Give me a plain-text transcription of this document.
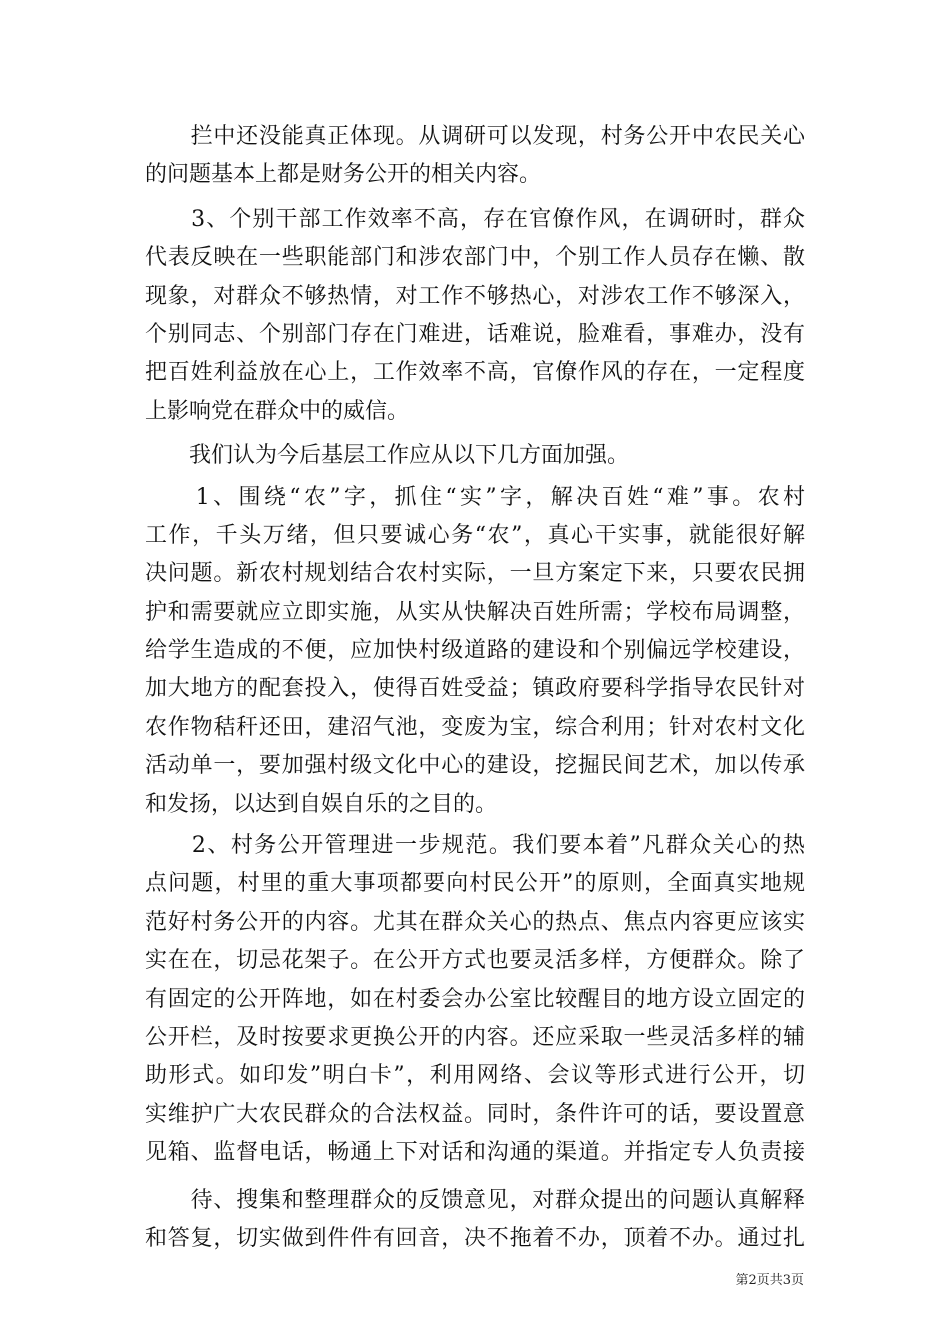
　　拦中还没能真正体现。从调研可以发现，村务公开中农民关心
的问题基本上都是财务公开的相关内容。
　　3、个别干部工作效率不高，存在官僚作风，在调研时，群众
代表反映在一些职能部门和涉农部门中，个别工作人员存在懒、散
现象，对群众不够热情，对工作不够热心，对涉农工作不够深入，
个别同志、个别部门存在门难进，话难说，脸难看，事难办，没有
把百姓利益放在心上，工作效率不高，官僚作风的存在，一定程度
上影响党在群众中的威信。
　　我们认为今后基层工作应从以下几方面加强。
　　1、围绕“农”字，抓住“实”字，解决百姓“难”事。农村
工作，千头万绪，但只要诚心务“农”，真心干实事，就能很好解
决问题。新农村规划结合农村实际，一旦方案定下来，只要农民拥
护和需要就应立即实施，从实从快解决百姓所需；学校布局调整，
给学生造成的不便，应加快村级道路的建设和个别偏远学校建设，
加大地方的配套投入，使得百姓受益；镇政府要科学指导农民针对
农作物秸秆还田，建沼气池，变废为宝，综合利用；针对农村文化
活动单一，要加强村级文化中心的建设，挖掘民间艺术，加以传承
和发扬，以达到自娱自乐的之目的。
　　2、村务公开管理进一步规范。我们要本着”凡群众关心的热
点问题，村里的重大事项都要向村民公开”的原则，全面真实地规
范好村务公开的内容。尤其在群众关心的热点、焦点内容更应该实
实在在，切忌花架子。在公开方式也要灵活多样，方便群众。除了
有固定的公开阵地，如在村委会办公室比较醒目的地方设立固定的
公开栏，及时按要求更换公开的内容。还应采取一些灵活多样的辅
助形式。如印发”明白卡”，利用网络、会议等形式进行公开，切
实维护广大农民群众的合法权益。同时，条件许可的话，要设置意
见箱、监督电话，畅通上下对话和沟通的渠道。并指定专人负责接
　　待、搜集和整理群众的反馈意见，对群众提出的问题认真解释
和答复，切实做到件件有回音，决不拖着不办，顶着不办。通过扎
第2页共3页
